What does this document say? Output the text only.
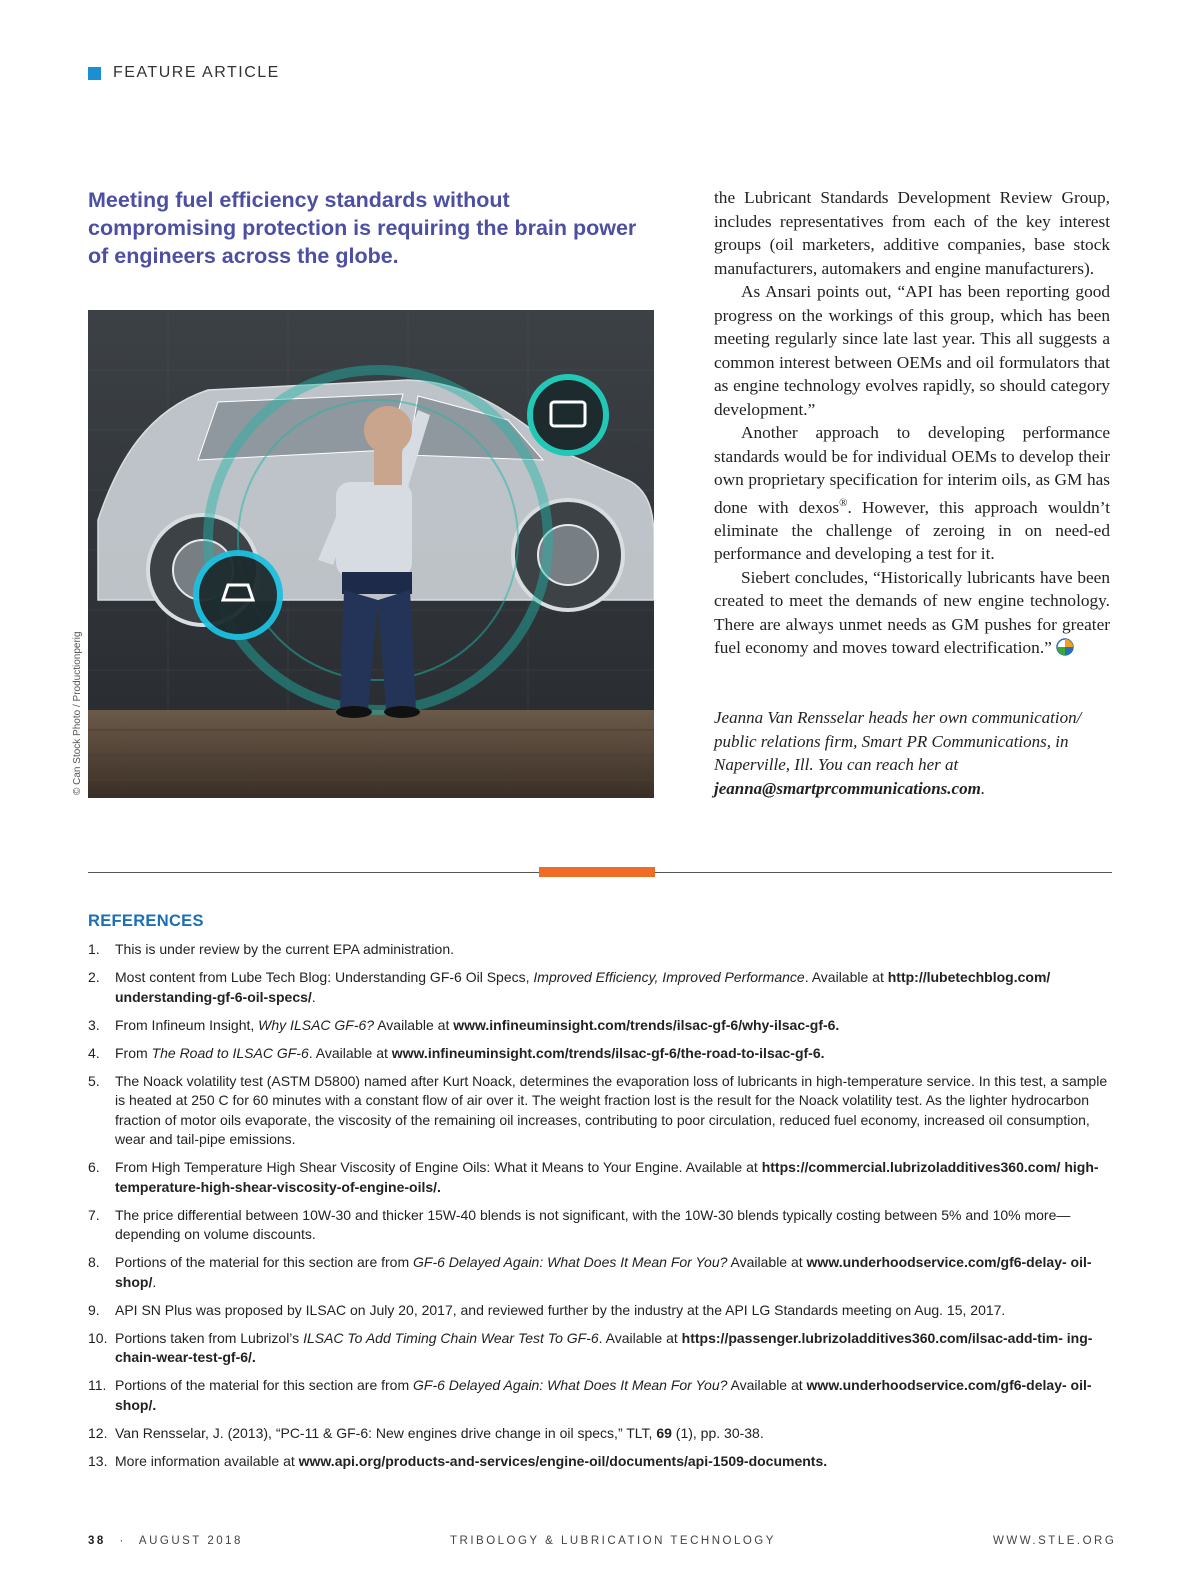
FEATURE ARTICLE
Meeting fuel efficiency standards without compromising protection is requiring the brain power of engineers across the globe.
© Can Stock Photo / Productionperig

the Lubricant Standards Development Review Group, includes representatives from each of the key interest groups (oil marketers, additive companies, base stock manufacturers, automakers and engine manufacturers).

As Ansari points out, “API has been reporting good progress on the workings of this group, which has been meeting regularly since late last year. This all suggests a common interest between OEMs and oil formulators that as engine technology evolves rapidly, so should category development.”

Another approach to developing performance standards would be for individual OEMs to develop their own proprietary specification for interim oils, as GM has done with dexos®. However, this approach wouldn’t eliminate the challenge of zeroing in on need-ed performance and developing a test for it.

Siebert concludes, “Historically lubricants have been created to meet the demands of new engine technology. There are always unmet needs as GM pushes for greater fuel economy and moves toward electrification.”

Jeanna Van Rensselar heads her own communication/ public relations firm, Smart PR Communications, in Naperville, Ill. You can reach her at
jeanna@smartprcommunications.com.
REFERENCES
1. This is under review by the current EPA administration.
2. Most content from Lube Tech Blog: Understanding GF-6 Oil Specs, Improved Efficiency, Improved Performance. Available at http://lubetechblog.com/ understanding-gf-6-oil-specs/.
3. From Infineum Insight, Why ILSAC GF-6? Available at www.infineuminsight.com/trends/ilsac-gf-6/why-ilsac-gf-6.
4. From The Road to ILSAC GF-6. Available at www.infineuminsight.com/trends/ilsac-gf-6/the-road-to-ilsac-gf-6.
5. The Noack volatility test (ASTM D5800) named after Kurt Noack, determines the evaporation loss of lubricants in high-temperature service. In this test, a sample is heated at 250 C for 60 minutes with a constant flow of air over it. The weight fraction lost is the result for the Noack volatility test. As the lighter hydrocarbon fraction of motor oils evaporate, the viscosity of the remaining oil increases, contributing to poor circulation, reduced fuel economy, increased oil consumption, wear and tail-pipe emissions.
6. From High Temperature High Shear Viscosity of Engine Oils: What it Means to Your Engine. Available at https://commercial.lubrizoladditives360.com/ high-temperature-high-shear-viscosity-of-engine-oils/.
7. The price differential between 10W-30 and thicker 15W-40 blends is not significant, with the 10W-30 blends typically costing between 5% and 10% more—depending on volume discounts.
8. Portions of the material for this section are from GF-6 Delayed Again: What Does It Mean For You? Available at www.underhoodservice.com/gf6-delay- oil-shop/.
9. API SN Plus was proposed by ILSAC on July 20, 2017, and reviewed further by the industry at the API LG Standards meeting on Aug. 15, 2017.
10. Portions taken from Lubrizol’s ILSAC To Add Timing Chain Wear Test To GF-6. Available at https://passenger.lubrizoladditives360.com/ilsac-add-tim- ing-chain-wear-test-gf-6/.
11. Portions of the material for this section are from GF-6 Delayed Again: What Does It Mean For You? Available at www.underhoodservice.com/gf6-delay- oil-shop/.
12. Van Rensselar, J. (2013), “PC-11 & GF-6: New engines drive change in oil specs,” TLT, 69 (1), pp. 30-38.
13. More information available at www.api.org/products-and-services/engine-oil/documents/api-1509-documents.
38 · AUGUST 2018	TRIBOLOGY & LUBRICATION TECHNOLOGY	WWW.STLE.ORG
